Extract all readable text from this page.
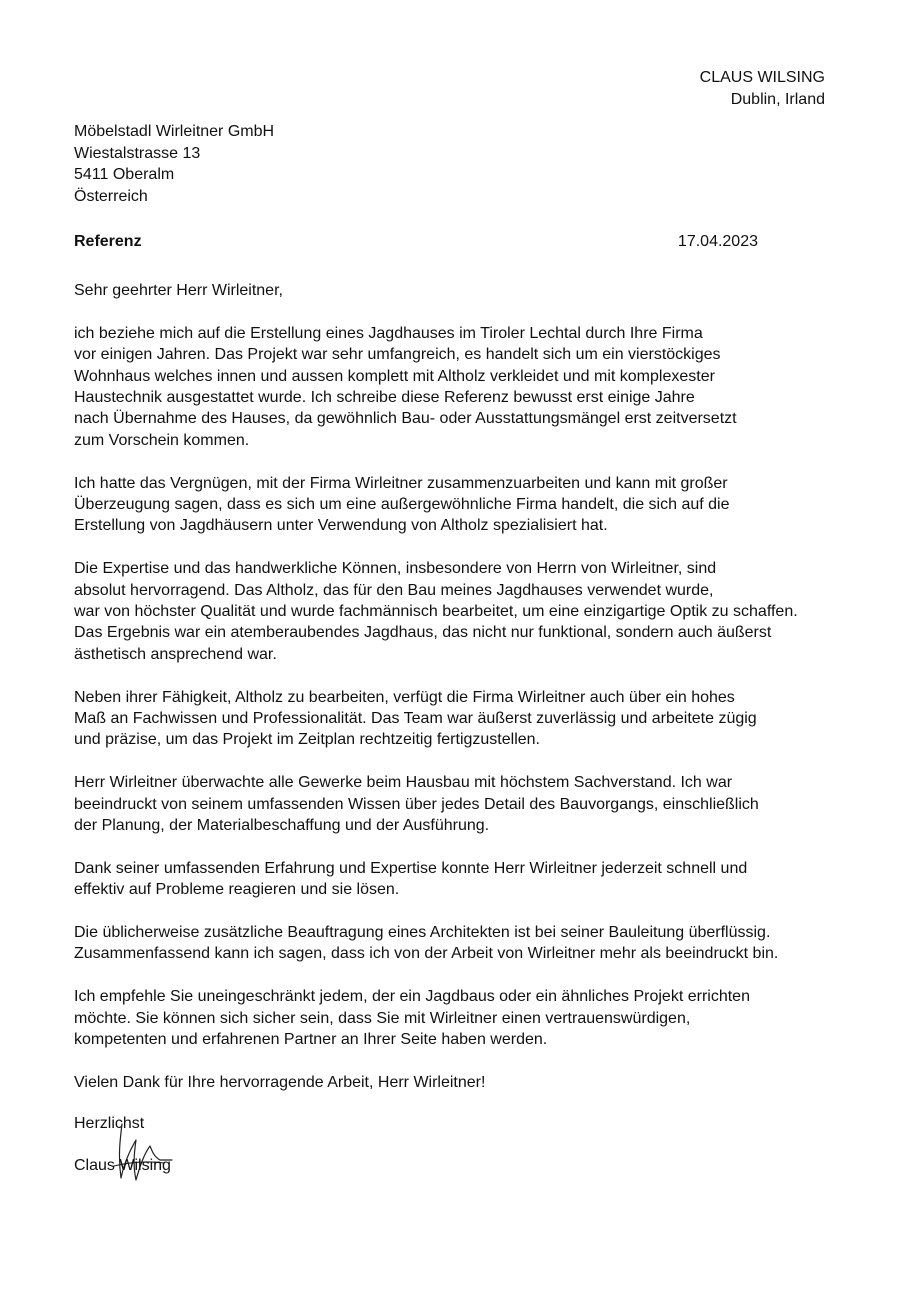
CLAUS WILSING
Dublin, Irland
Möbelstadl Wirleitner GmbH
Wiestalstrasse 13
5411 Oberalm
Österreich
Referenz	17.04.2023
Sehr geehrter Herr Wirleitner,
ich beziehe mich auf die Erstellung eines Jagdhauses im Tiroler Lechtal durch Ihre Firma
vor einigen Jahren. Das Projekt war sehr umfangreich, es handelt sich um ein vierstöckiges
Wohnhaus welches innen und aussen komplett mit Altholz verkleidet und mit komplexester
Haustechnik ausgestattet wurde. Ich schreibe diese Referenz bewusst erst einige Jahre
nach Übernahme des Hauses, da gewöhnlich Bau- oder Ausstattungsmängel erst zeitversetzt
zum Vorschein kommen.
Ich hatte das Vergnügen, mit der Firma Wirleitner zusammenzuarbeiten und kann mit großer
Überzeugung sagen, dass es sich um eine außergewöhnliche Firma handelt, die sich auf die
Erstellung von Jagdhäusern unter Verwendung von Altholz spezialisiert hat.
Die Expertise und das handwerkliche Können, insbesondere von Herrn von Wirleitner, sind
absolut hervorragend. Das Altholz, das für den Bau meines Jagdhauses verwendet wurde,
war von höchster Qualität und wurde fachmännisch bearbeitet, um eine einzigartige Optik zu schaffen.
Das Ergebnis war ein atemberaubendes Jagdhaus, das nicht nur funktional, sondern auch äußerst
ästhetisch ansprechend war.
Neben ihrer Fähigkeit, Altholz zu bearbeiten, verfügt die Firma Wirleitner auch über ein hohes
Maß an Fachwissen und Professionalität. Das Team war äußerst zuverlässig und arbeitete zügig
und präzise, um das Projekt im Zeitplan rechtzeitig fertigzustellen.
Herr Wirleitner überwachte alle Gewerke beim Hausbau mit höchstem Sachverstand. Ich war
beeindruckt von seinem umfassenden Wissen über jedes Detail des Bauvorgangs, einschließlich
der Planung, der Materialbeschaffung und der Ausführung.
Dank seiner umfassenden Erfahrung und Expertise konnte Herr Wirleitner jederzeit schnell und
effektiv auf Probleme reagieren und sie lösen.
Die üblicherweise zusätzliche Beauftragung eines Architekten ist bei seiner Bauleitung überflüssig.
Zusammenfassend kann ich sagen, dass ich von der Arbeit von Wirleitner mehr als beeindruckt bin.
Ich empfehle Sie uneingeschränkt jedem, der ein Jagdbaus oder ein ähnliches Projekt errichten
möchte. Sie können sich sicher sein, dass Sie mit Wirleitner einen vertrauenswürdigen,
kompetenten und erfahrenen Partner an Ihrer Seite haben werden.
Vielen Dank für Ihre hervorragende Arbeit, Herr Wirleitner!
Herzlichst
Claus Wilsing
